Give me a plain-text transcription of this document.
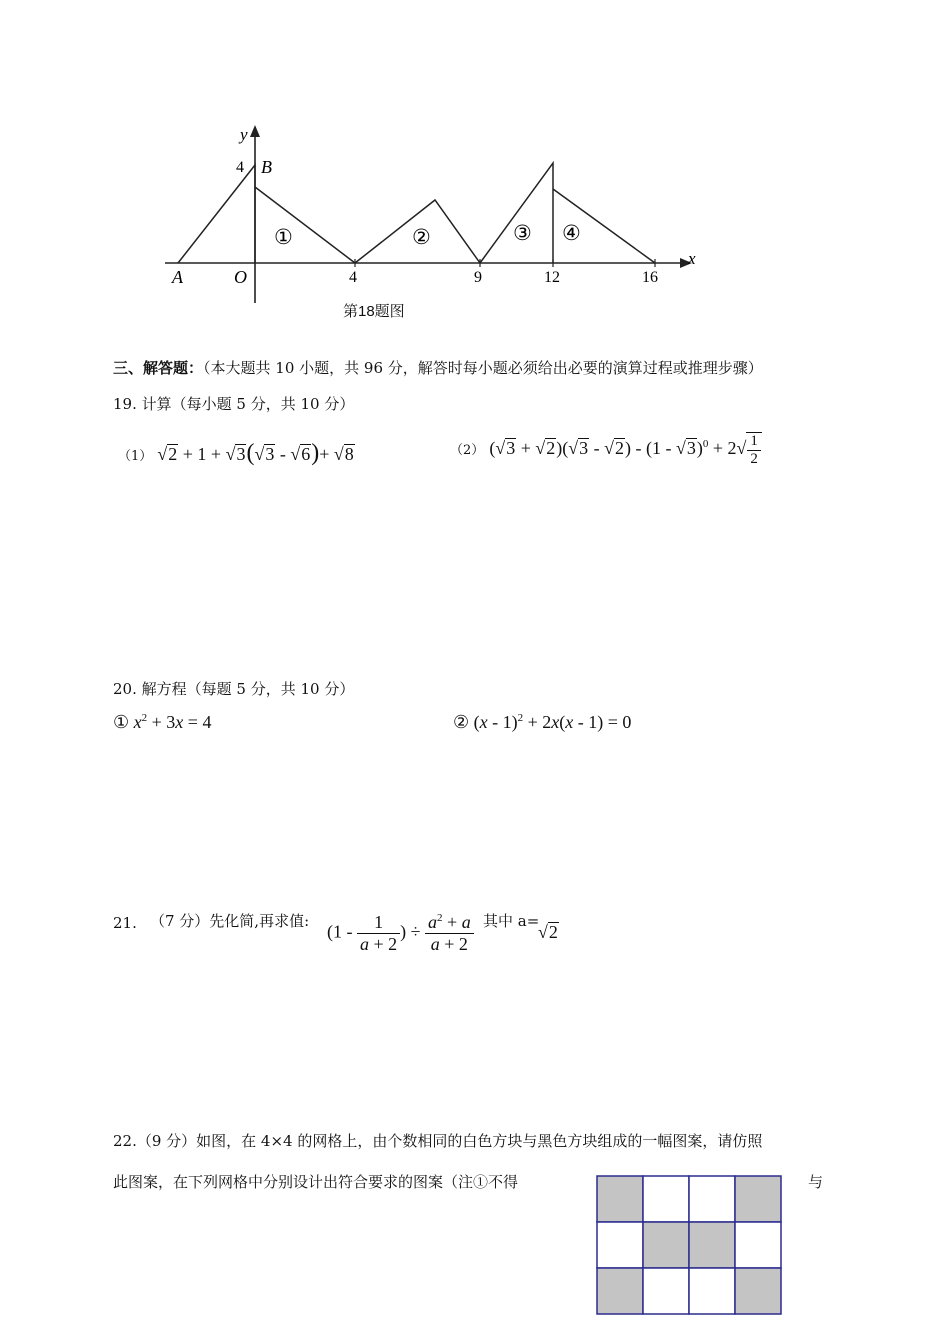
y
x
4 B
A	O	4	9	12	16
①	②	③ ④
第18题图
三、解答题：（本大题共 10 小题，共 96 分，解答时每小题必须给出必要的演算过程或推理步骤）
19. 计算（每小题 5 分，共 10 分）
（1） √2 + 1 + √3(√3 - √6)+ √8	（2） $(√3 + √2)(√3 - √2) - (1 - √3)^0 + 2√ \frac{1}{2}$
20. 解方程（每题 5 分，共 10 分）
① $x^2 + 3x = 4$	② (x - 1)$^2$ + 2x(x - 1) = 0
21. （7 分）先化简,再求值:
($1 - \frac{1}{a + 2}$ ) ÷ $\frac{a^2 + a}{a + 2}$ 其中 a=
√2
22.（9 分）如图，在 4×4 的网格上，由个数相同的白色方块与黑色方块组成的一幅图案，请仿照
此图案，在下列网格中分别设计出符合要求的图案（注①不得	与
